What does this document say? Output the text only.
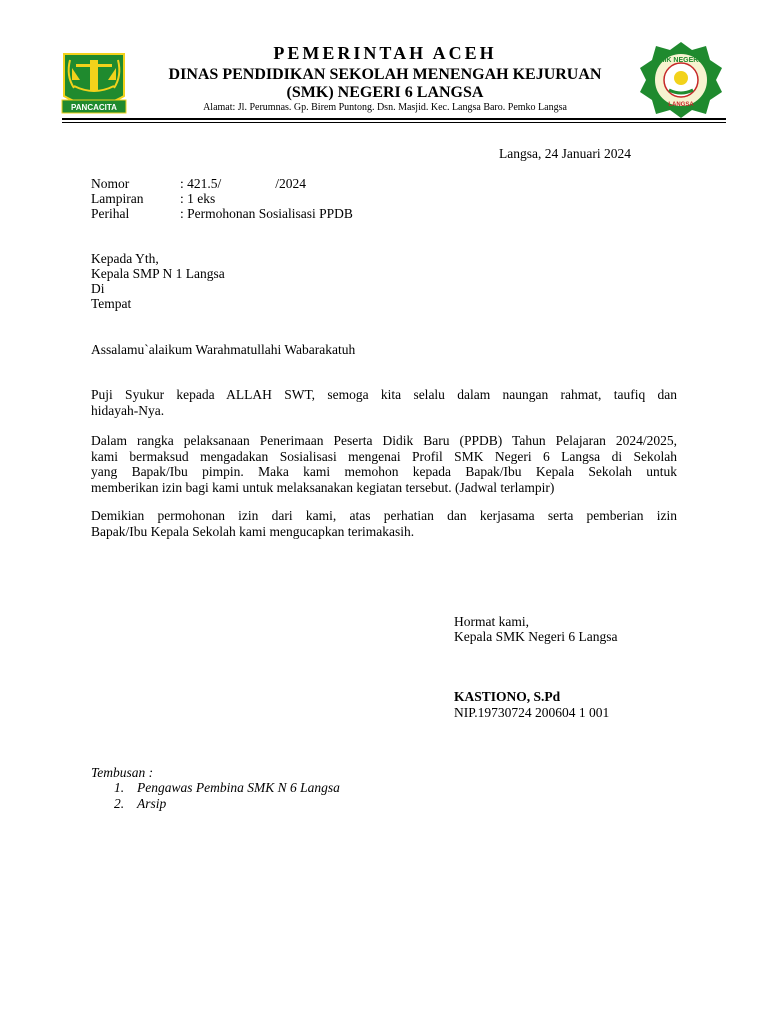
PANCACITA
SMK NEGERI 6
LANGSA
PEMERINTAH ACEH
DINAS PENDIDIKAN SEKOLAH MENENGAH KEJURUAN
(SMK) NEGERI 6 LANGSA
Alamat: Jl. Perumnas. Gp. Birem Puntong. Dsn. Masjid. Kec. Langsa Baro. Pemko Langsa
Langsa, 24 Januari 2024
Nomor	: 421.5/                /2024
Lampiran	: 1 eks
Perihal	: Permohonan Sosialisasi PPDB
Kepada Yth,
Kepala SMP N 1 Langsa
Di
Tempat
Assalamu`alaikum Warahmatullahi Wabarakatuh
Puji Syukur kepada ALLAH SWT, semoga kita selalu dalam naungan rahmat, taufiq dan
hidayah-Nya.
Dalam rangka pelaksanaan Penerimaan Peserta Didik Baru (PPDB) Tahun Pelajaran 2024/2025,
kami bermaksud mengadakan Sosialisasi mengenai Profil SMK Negeri 6 Langsa di Sekolah
yang Bapak/Ibu pimpin. Maka kami memohon kepada Bapak/Ibu Kepala Sekolah untuk
memberikan izin bagi kami untuk melaksanakan kegiatan tersebut. (Jadwal terlampir)
Demikian permohonan izin dari kami, atas perhatian dan kerjasama serta pemberian izin
Bapak/Ibu Kepala Sekolah kami mengucapkan terimakasih.
Hormat kami,
Kepala SMK Negeri 6 Langsa
KASTIONO, S.Pd
NIP.19730724 200604 1 001
Tembusan :
1. Pengawas Pembina SMK N 6 Langsa
2. Arsip
